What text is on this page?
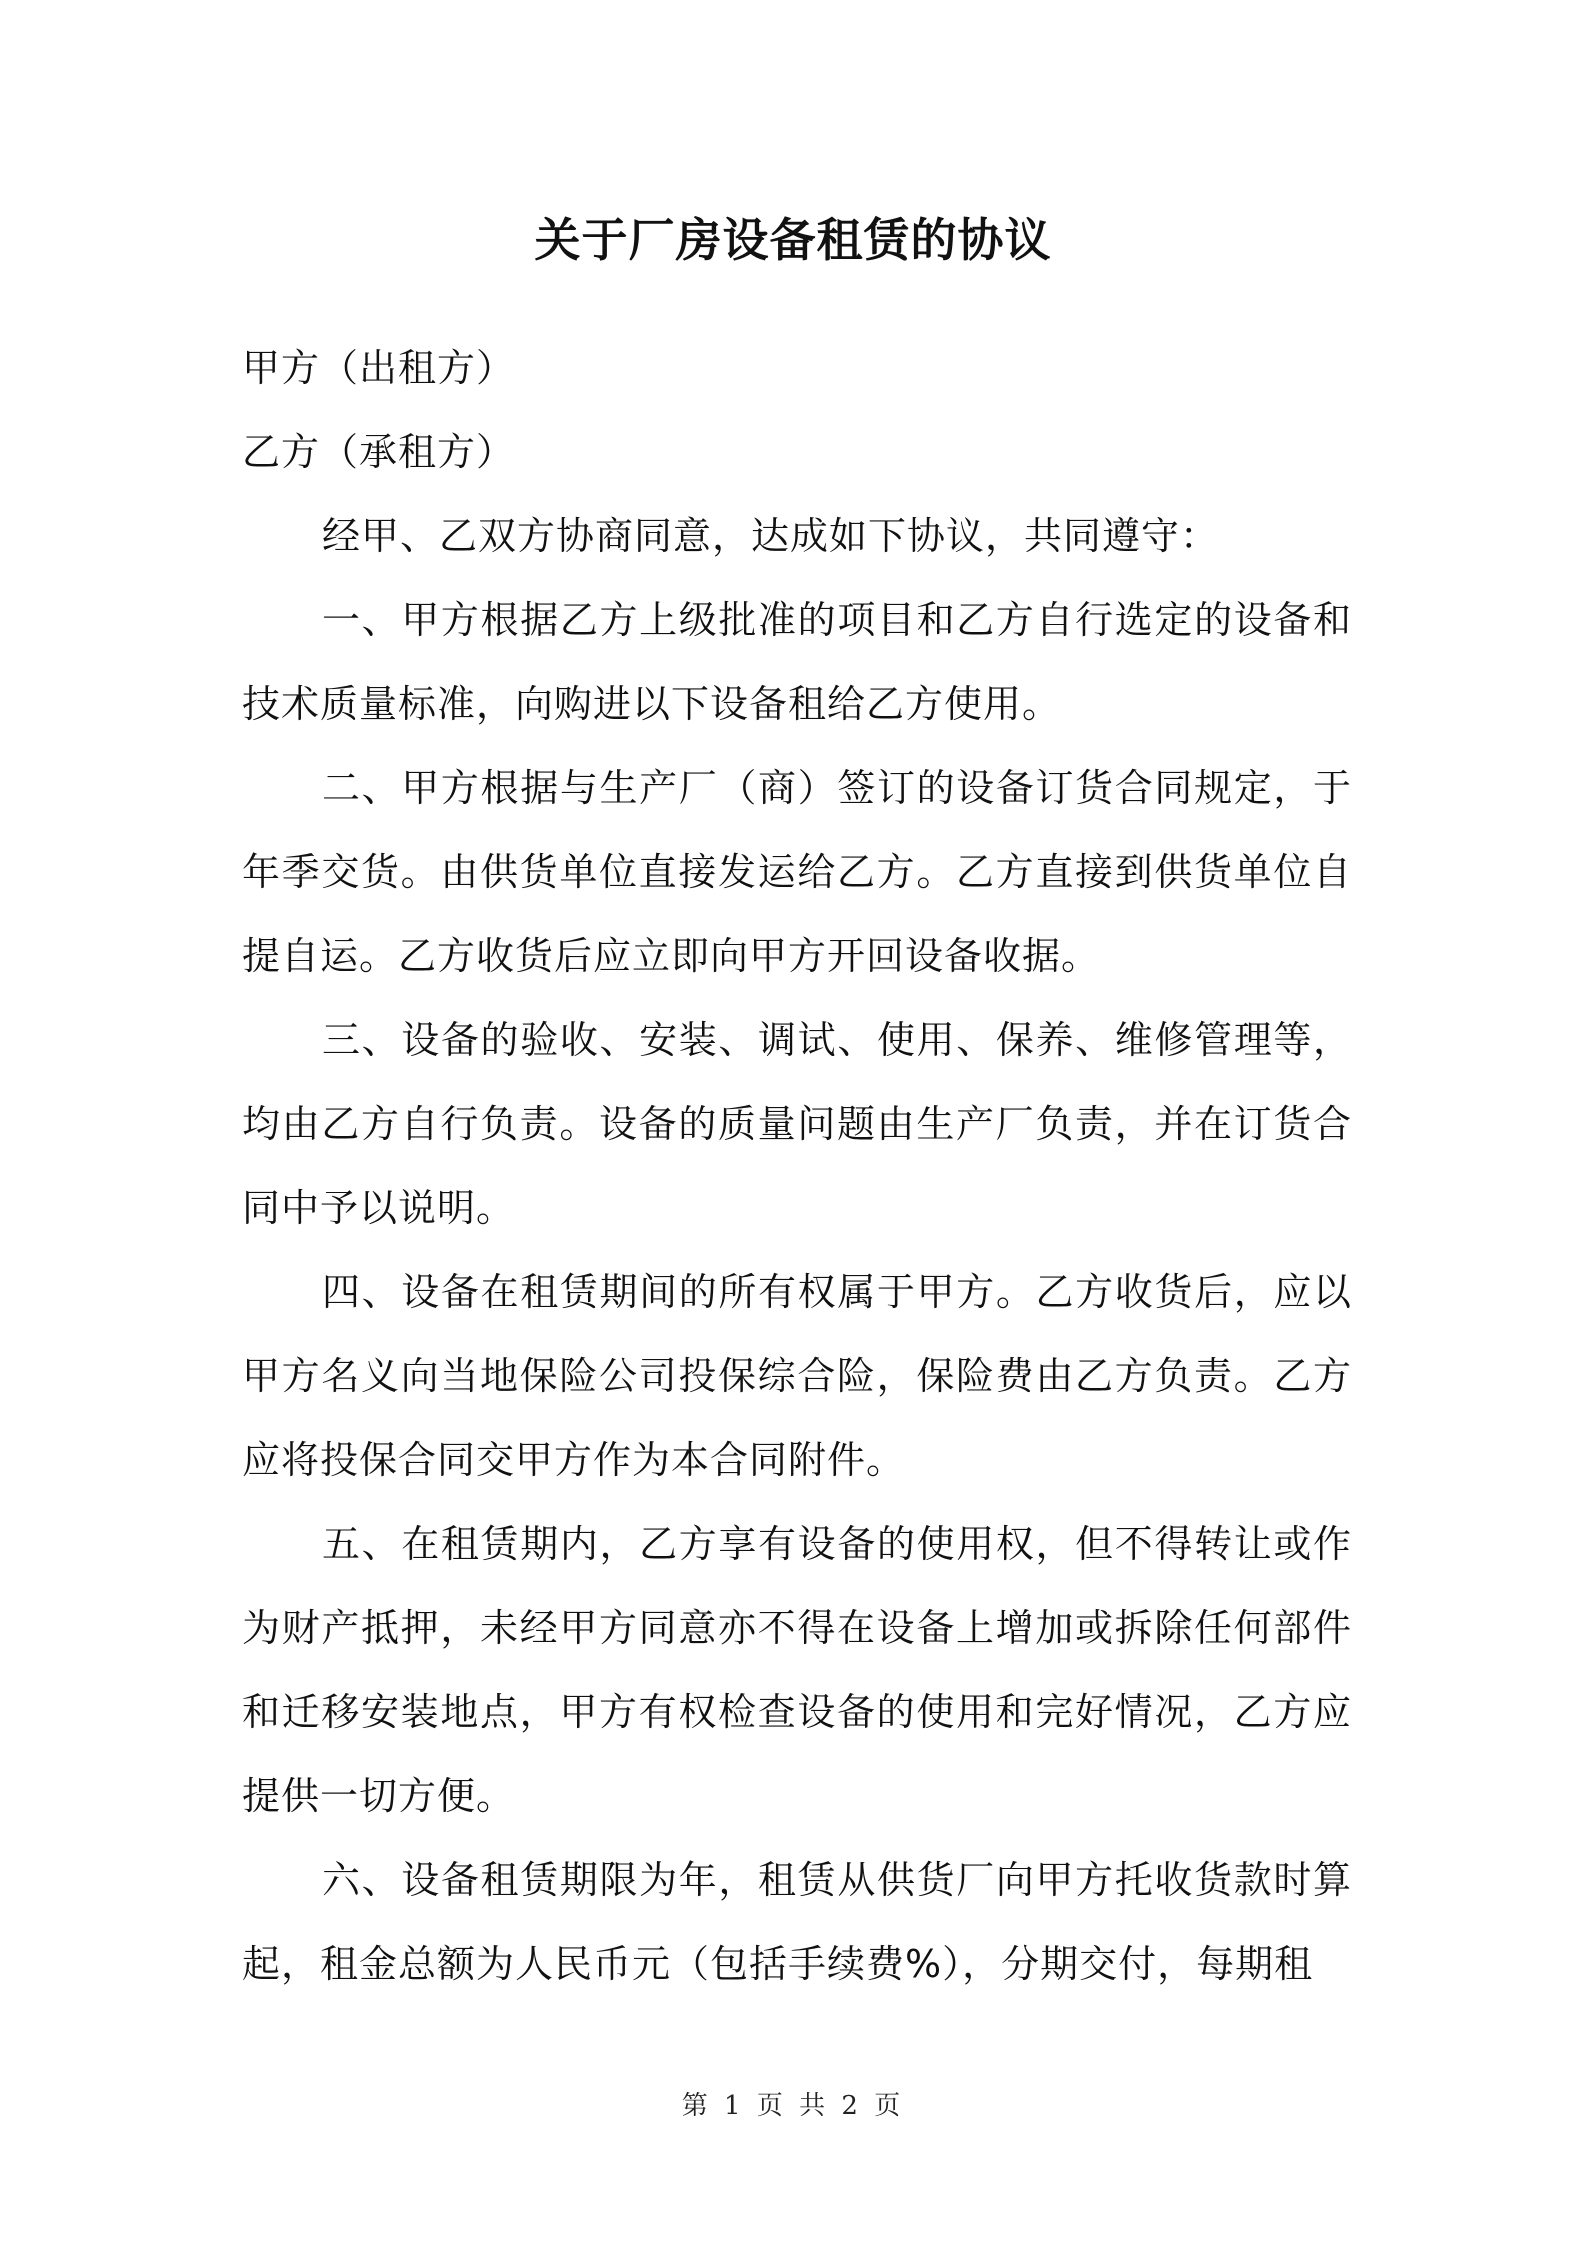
关于厂房设备租赁的协议

甲方（出租方）

乙方（承租方）

经甲、乙双方协商同意，达成如下协议，共同遵守：

一、甲方根据乙方上级批准的项目和乙方自行选定的设备和技术质量标准，向购进以下设备租给乙方使用。

二、甲方根据与生产厂（商）签订的设备订货合同规定，于年季交货。由供货单位直接发运给乙方。乙方直接到供货单位自提自运。乙方收货后应立即向甲方开回设备收据。

三、设备的验收、安装、调试、使用、保养、维修管理等，均由乙方自行负责。设备的质量问题由生产厂负责，并在订货合同中予以说明。

四、设备在租赁期间的所有权属于甲方。乙方收货后，应以甲方名义向当地保险公司投保综合险，保险费由乙方负责。乙方应将投保合同交甲方作为本合同附件。

五、在租赁期内，乙方享有设备的使用权，但不得转让或作为财产抵押，未经甲方同意亦不得在设备上增加或拆除任何部件和迁移安装地点，甲方有权检查设备的使用和完好情况，乙方应提供一切方便。

六、设备租赁期限为年，租赁从供货厂向甲方托收货款时算起，租金总额为人民币元（包括手续费%），分期交付，每期租

第 1 页 共 2 页
